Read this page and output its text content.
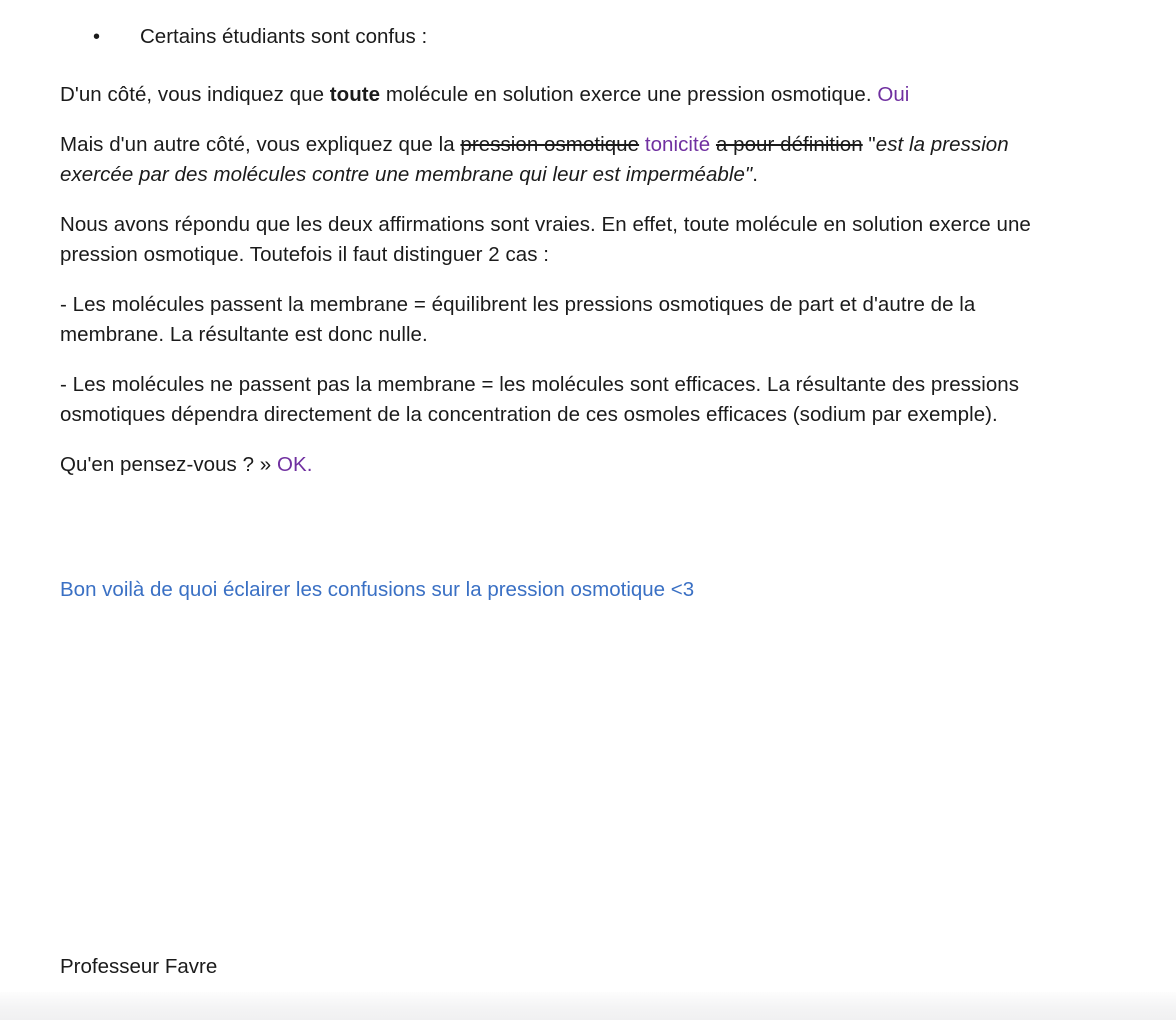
• Certains étudiants sont confus :

D'un côté, vous indiquez que toute molécule en solution exerce une pression osmotique. Oui

Mais d'un autre côté, vous expliquez que la pression osmotique tonicité a pour définition "est la pression exercée par des molécules contre une membrane qui leur est imperméable".

Nous avons répondu que les deux affirmations sont vraies. En effet, toute molécule en solution exerce une pression osmotique. Toutefois il faut distinguer 2 cas :

- Les molécules passent la membrane = équilibrent les pressions osmotiques de part et d'autre de la membrane. La résultante est donc nulle.

- Les molécules ne passent pas la membrane = les molécules sont efficaces. La résultante des pressions osmotiques dépendra directement de la concentration de ces osmoles efficaces (sodium par exemple).

Qu'en pensez-vous ? » OK.

Bon voilà de quoi éclairer les confusions sur la pression osmotique <3

Professeur Favre
